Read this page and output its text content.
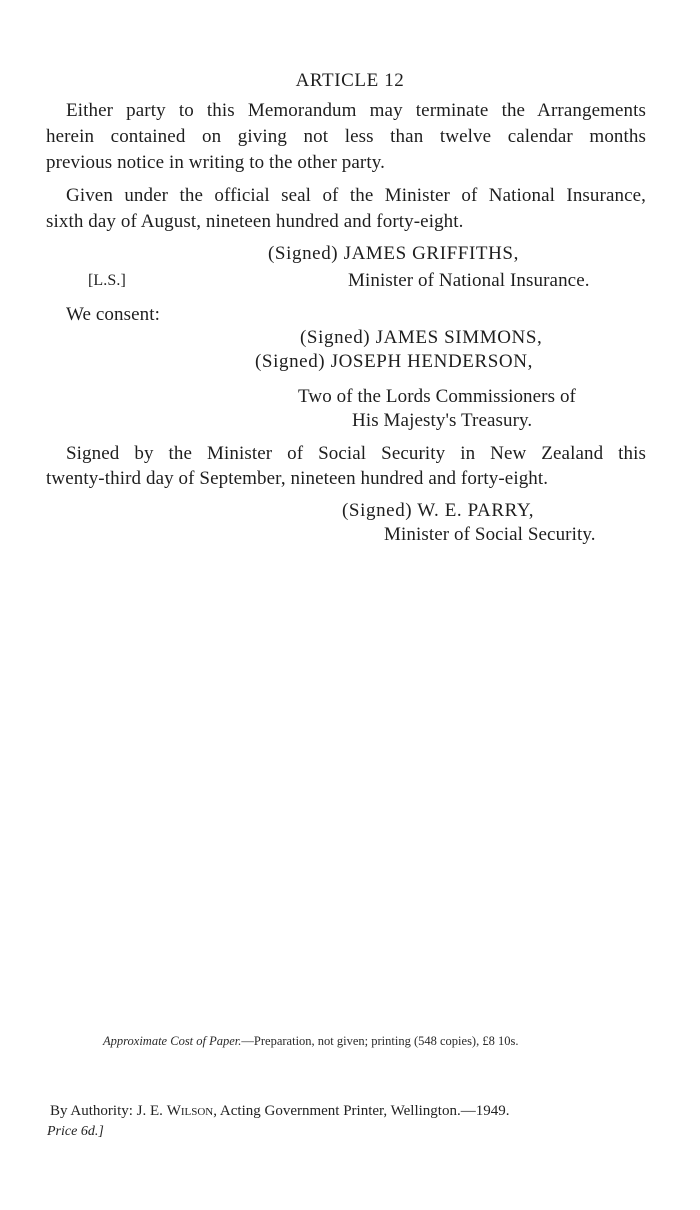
ARTICLE 12
Either party to this Memorandum may terminate the Arrangements
herein contained on giving not less than twelve calendar months
previous notice in writing to the other party.
Given under the official seal of the Minister of National Insurance,
sixth day of August, nineteen hundred and forty-eight.
(Signed) JAMES GRIFFITHS,
[L.S.]	Minister of National Insurance.
We consent:
(Signed) JAMES SIMMONS,
(Signed) JOSEPH HENDERSON,
Two of the Lords Commissioners of
His Majesty's Treasury.
Signed by the Minister of Social Security in New Zealand this
twenty-third day of September, nineteen hundred and forty-eight.
(Signed) W. E. PARRY,
Minister of Social Security.
Approximate Cost of Paper.—Preparation, not given; printing (548 copies), £8 10s.
By Authority: J. E. Wilson, Acting Government Printer, Wellington.—1949.
Price 6d.]
